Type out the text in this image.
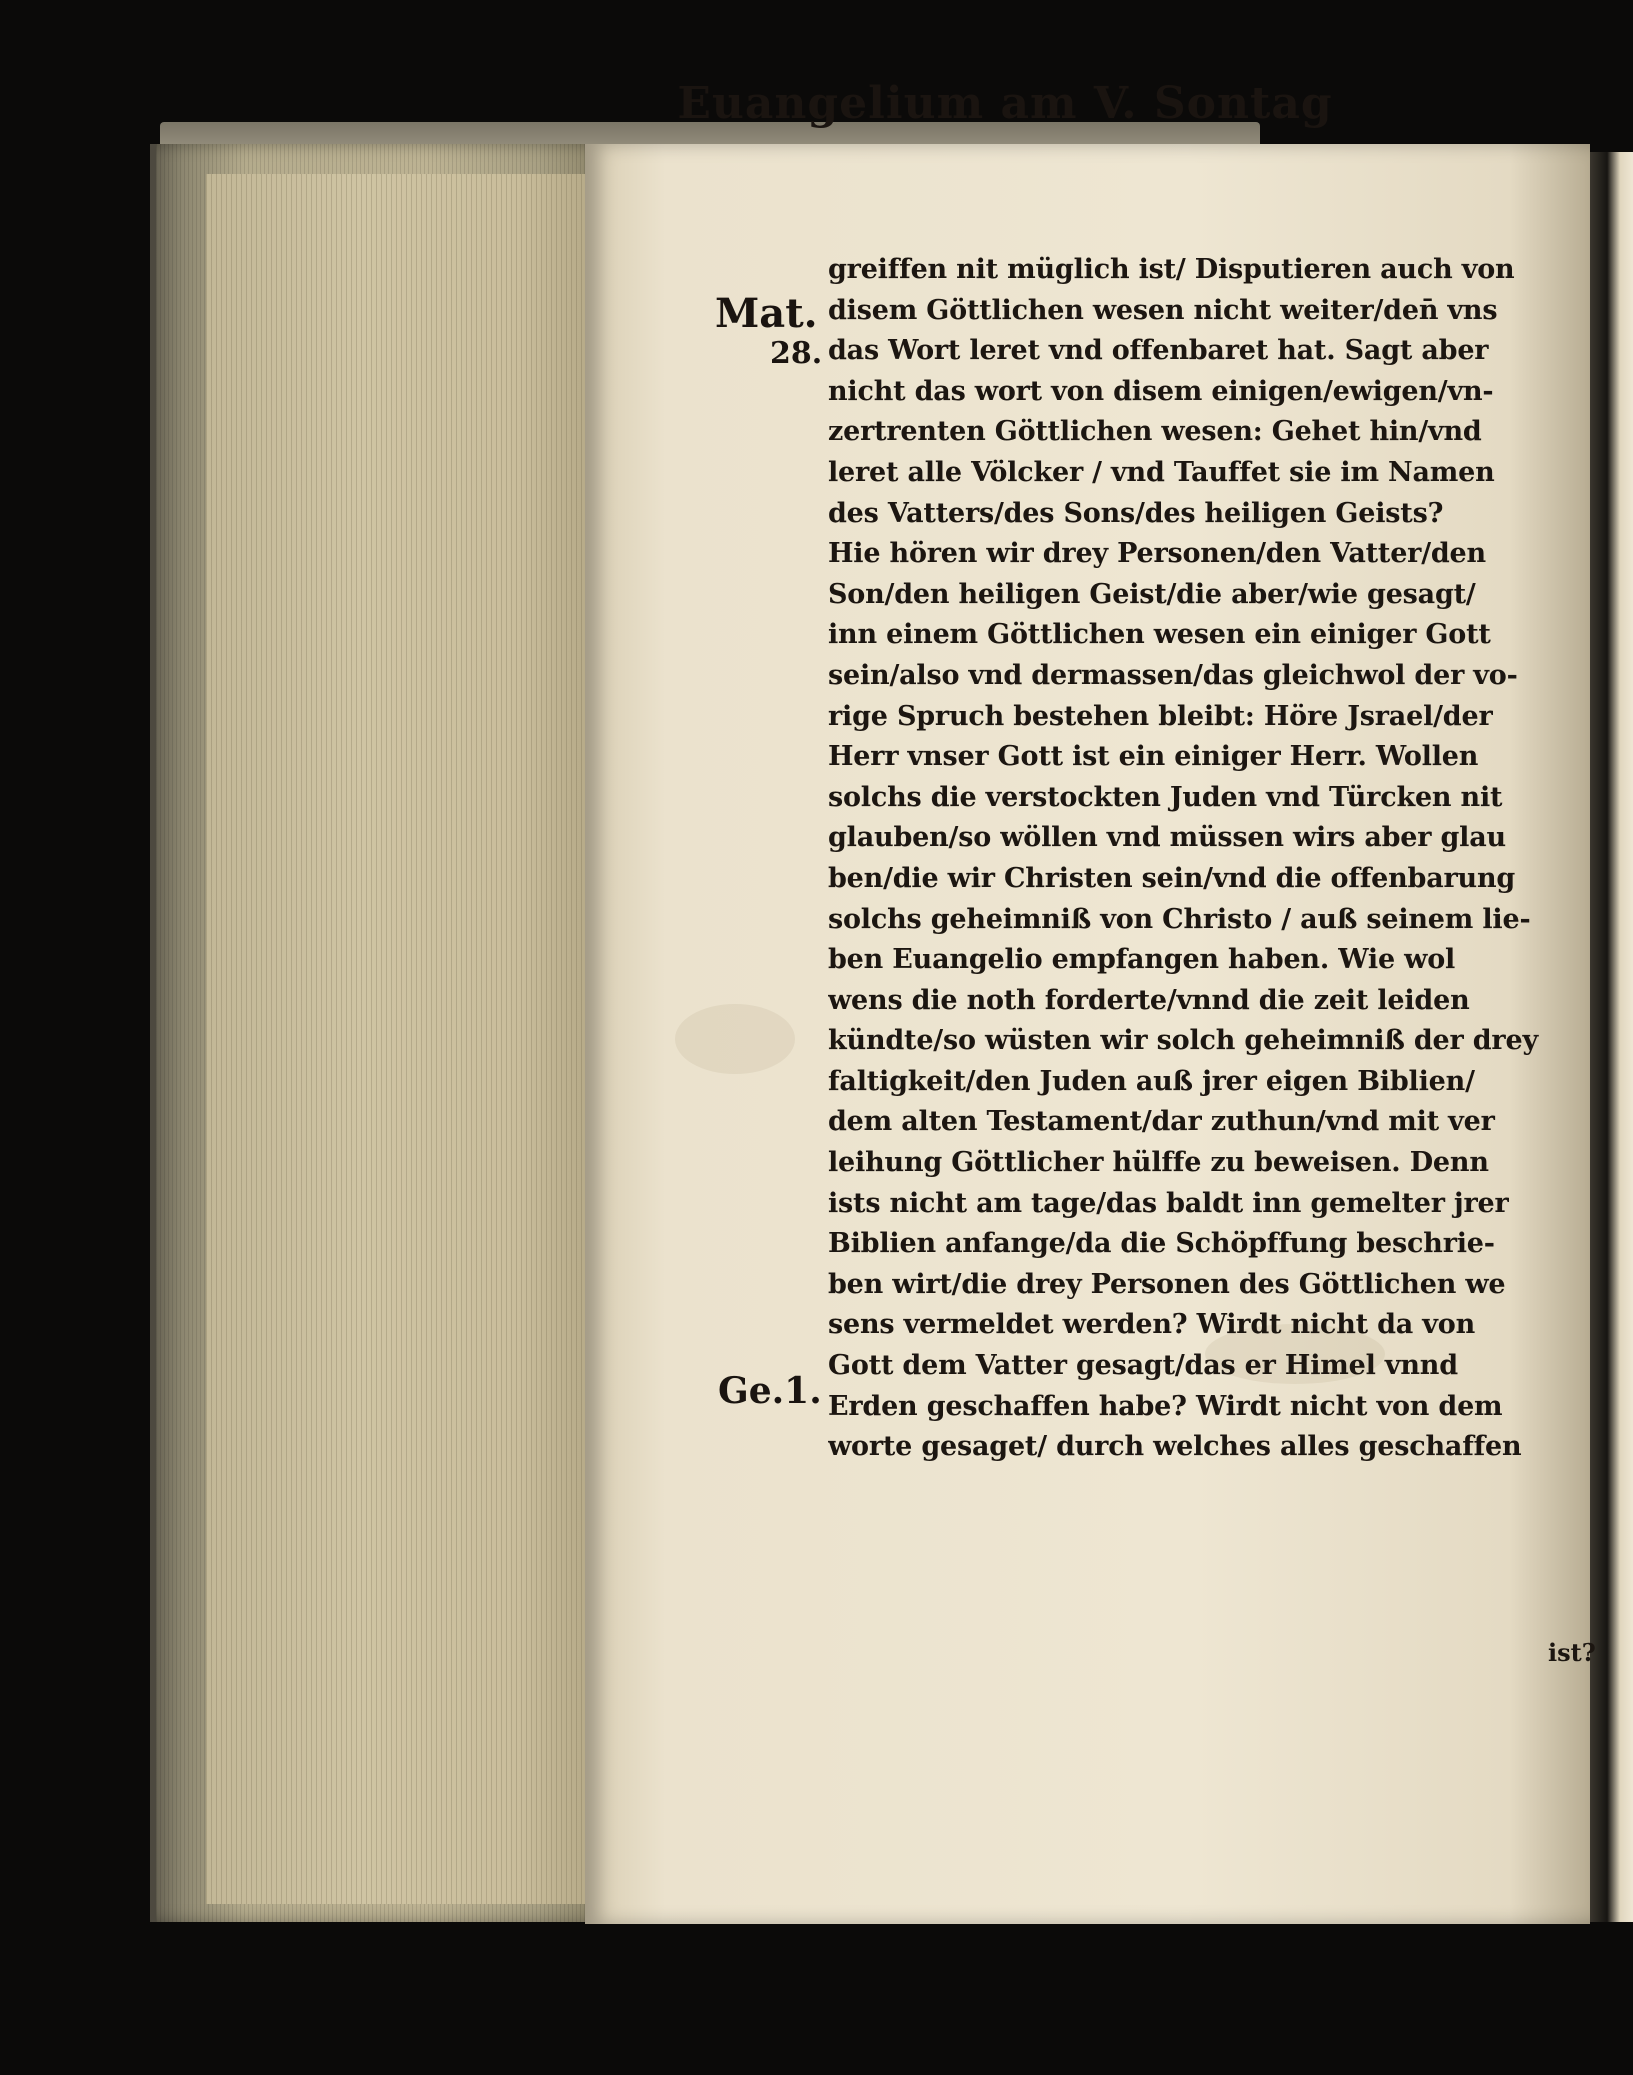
Euangelium am V. Sontag
Mat.
28.
Ge.1.
greiffen nit müglich ist/ Disputieren auch von
disem Göttlichen wesen nicht weiter/den̄ vns
das Wort leret vnd offenbaret hat. Sagt aber
nicht das wort von disem einigen/ewigen/vn-
zertrenten Göttlichen wesen: Gehet hin/vnd
leret alle Völcker / vnd Tauffet sie im Namen
des Vatters/des Sons/des heiligen Geists?
Hie hören wir drey Personen/den Vatter/den
Son/den heiligen Geist/die aber/wie gesagt/
inn einem Göttlichen wesen ein einiger Gott
sein/also vnd dermassen/das gleichwol der vo-
rige Spruch bestehen bleibt: Höre Jsrael/der
Herr vnser Gott ist ein einiger Herr. Wollen
solchs die verstockten Juden vnd Türcken nit
glauben/so wöllen vnd müssen wirs aber glau
ben/die wir Christen sein/vnd die offenbarung
solchs geheimniß von Christo / auß seinem lie-
ben Euangelio empfangen haben. Wie wol
wens die noth forderte/vnnd die zeit leiden
kündte/so wüsten wir solch geheimniß der drey
faltigkeit/den Juden auß jrer eigen Biblien/
dem alten Testament/dar zuthun/vnd mit ver
leihung Göttlicher hülffe zu beweisen. Denn
ists nicht am tage/das baldt inn gemelter jrer
Biblien anfange/da die Schöpffung beschrie-
ben wirt/die drey Personen des Göttlichen we
sens vermeldet werden? Wirdt nicht da von
Gott dem Vatter gesagt/das er Himel vnnd
Erden geschaffen habe? Wirdt nicht von dem
worte gesaget/ durch welches alles geschaffen
ist?
